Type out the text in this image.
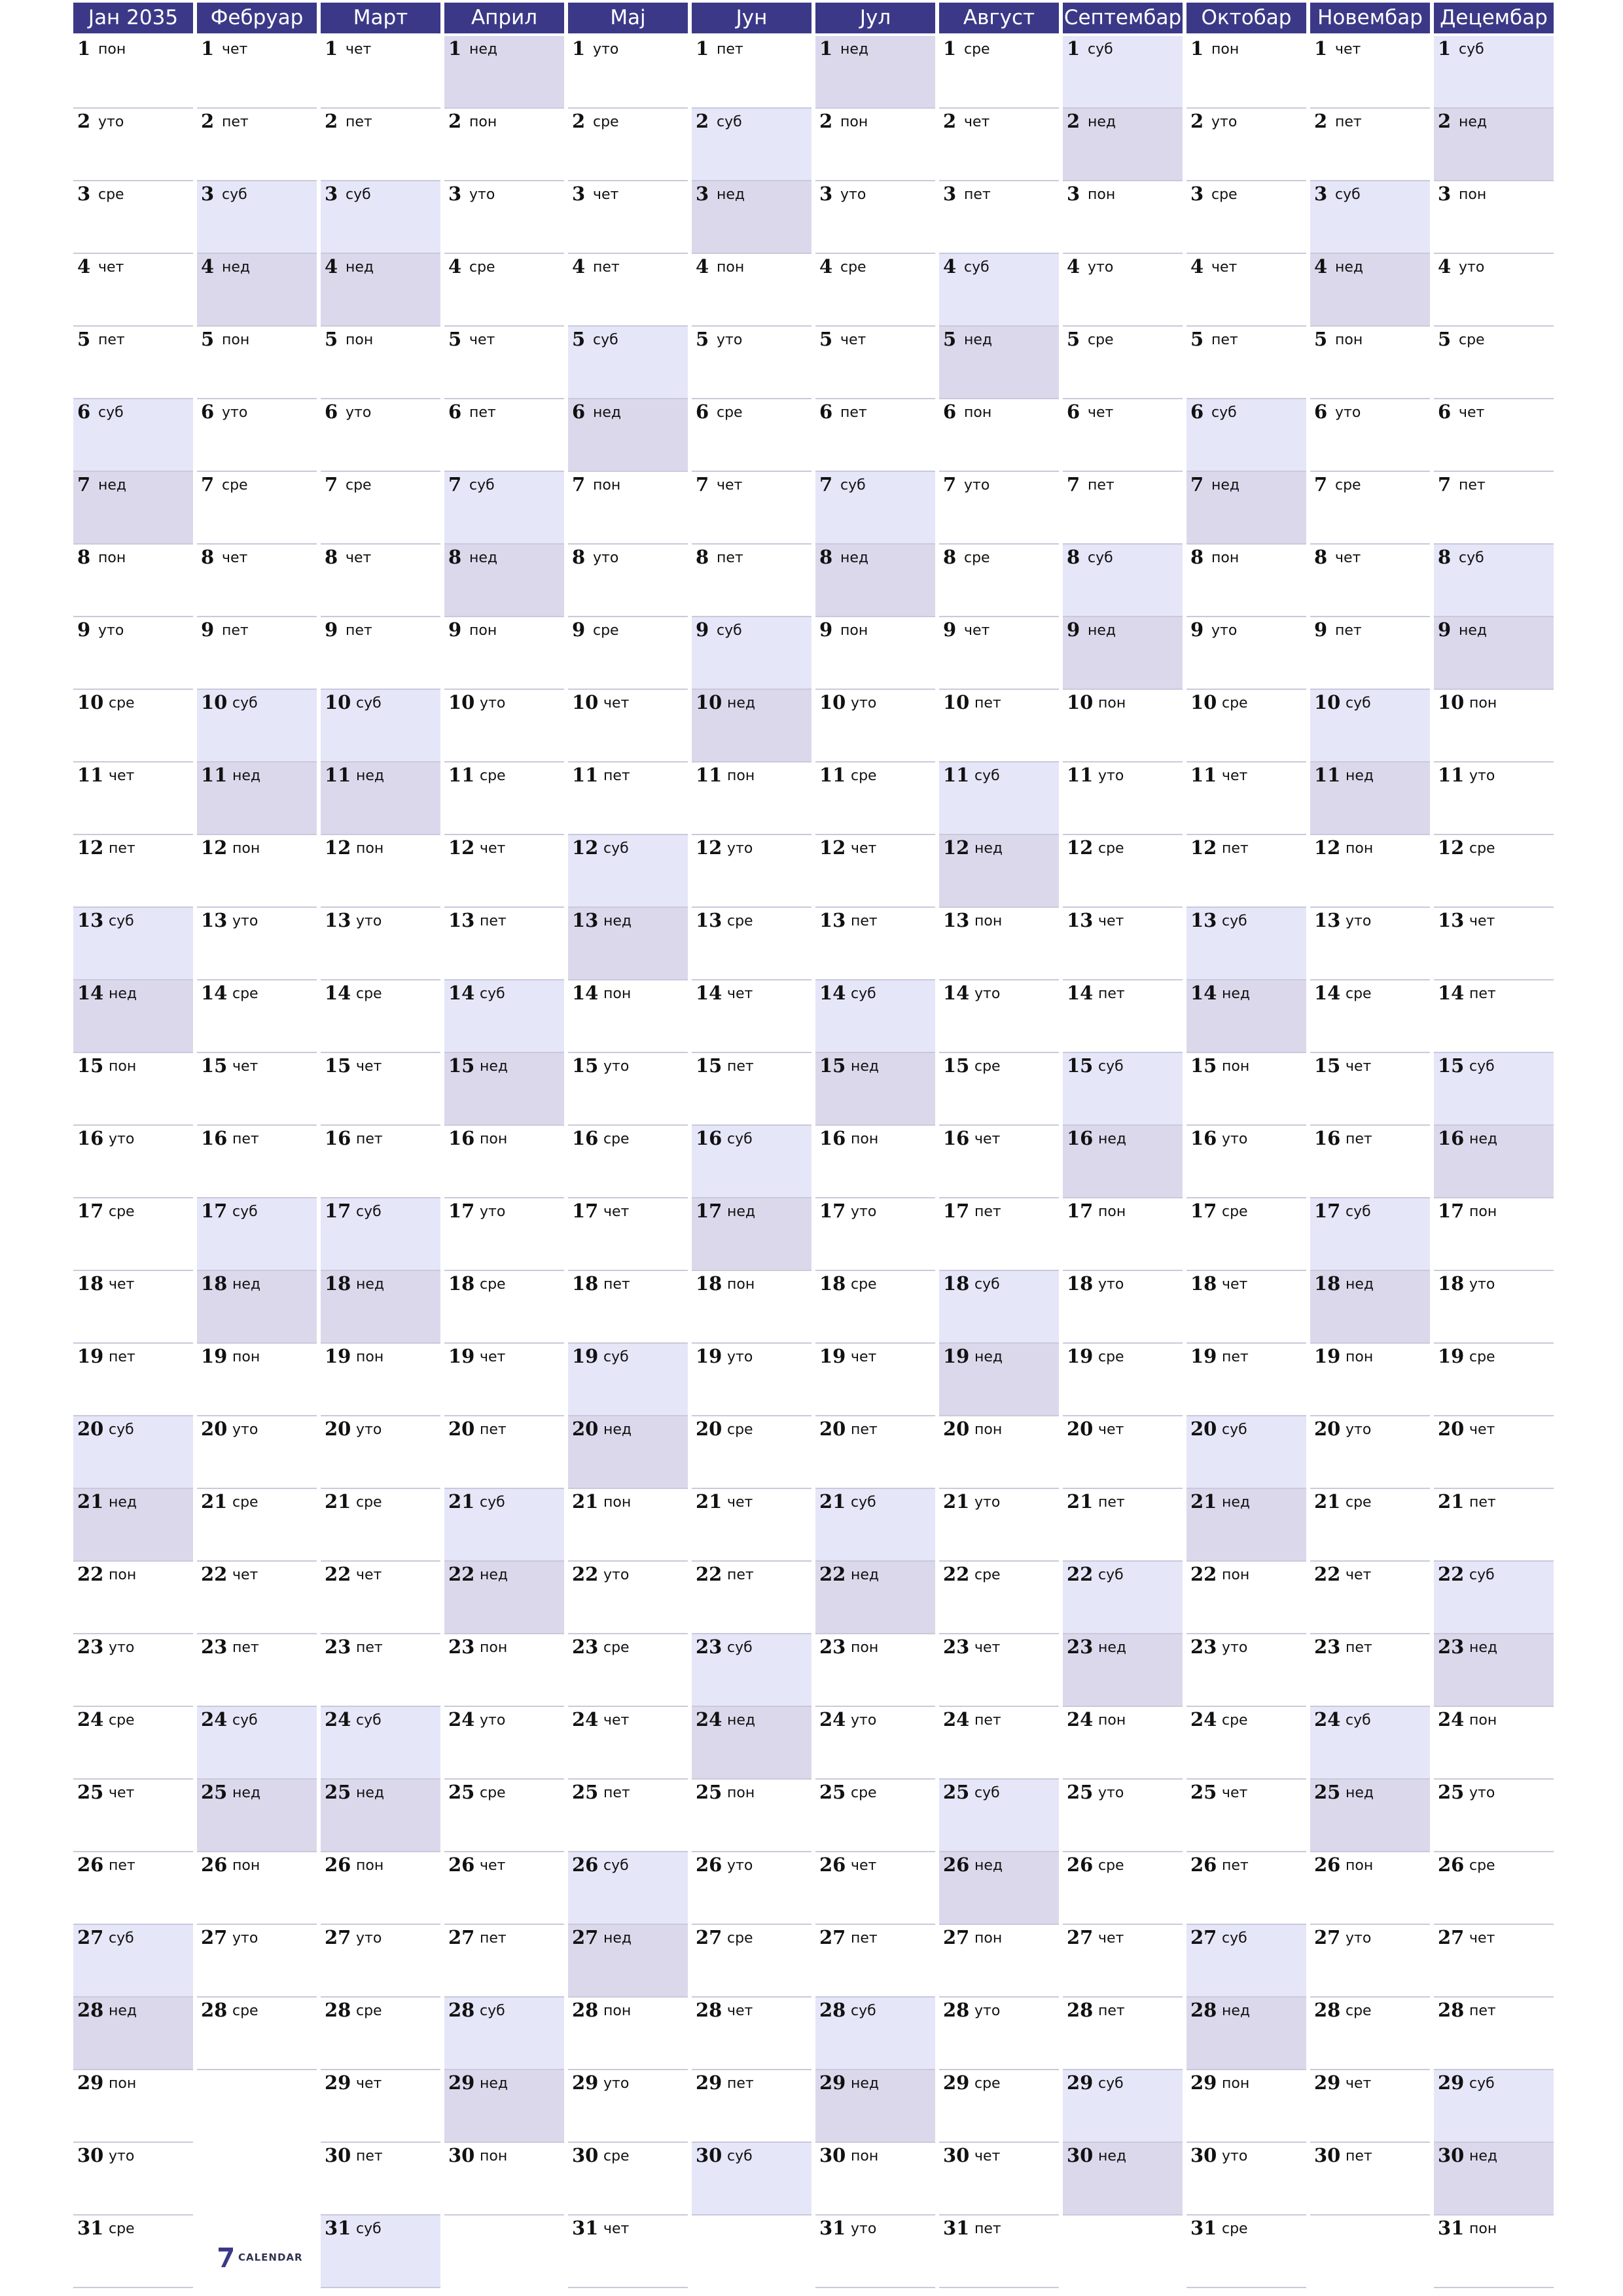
Јан 2035
1 пон
2 уто
3 сре
4 чет
5 пет
6 суб
7 нед
8 пон
9 уто
10 сре
11 чет
12 пет
13 суб
14 нед
15 пон
16 уто
17 сре
18 чет
19 пет
20 суб
21 нед
22 пон
23 уто
24 сре
25 чет
26 пет
27 суб
28 нед
29 пон
30 уто
31 сре
Фебруар
1 чет
2 пет
3 суб
4 нед
5 пон
6 уто
7 сре
8 чет
9 пет
10 суб
11 нед
12 пон
13 уто
14 сре
15 чет
16 пет
17 суб
18 нед
19 пон
20 уто
21 сре
22 чет
23 пет
24 суб
25 нед
26 пон
27 уто
28 сре
Март
1 чет
2 пет
3 суб
4 нед
5 пон
6 уто
7 сре
8 чет
9 пет
10 суб
11 нед
12 пон
13 уто
14 сре
15 чет
16 пет
17 суб
18 нед
19 пон
20 уто
21 сре
22 чет
23 пет
24 суб
25 нед
26 пон
27 уто
28 сре
29 чет
30 пет
31 суб
Април
1 нед
2 пон
3 уто
4 сре
5 чет
6 пет
7 суб
8 нед
9 пон
10 уто
11 сре
12 чет
13 пет
14 суб
15 нед
16 пон
17 уто
18 сре
19 чет
20 пет
21 суб
22 нед
23 пон
24 уто
25 сре
26 чет
27 пет
28 суб
29 нед
30 пон
Мај
1 уто
2 сре
3 чет
4 пет
5 суб
6 нед
7 пон
8 уто
9 сре
10 чет
11 пет
12 суб
13 нед
14 пон
15 уто
16 сре
17 чет
18 пет
19 суб
20 нед
21 пон
22 уто
23 сре
24 чет
25 пет
26 суб
27 нед
28 пон
29 уто
30 сре
31 чет
Јун
1 пет
2 суб
3 нед
4 пон
5 уто
6 сре
7 чет
8 пет
9 суб
10 нед
11 пон
12 уто
13 сре
14 чет
15 пет
16 суб
17 нед
18 пон
19 уто
20 сре
21 чет
22 пет
23 суб
24 нед
25 пон
26 уто
27 сре
28 чет
29 пет
30 суб
Јул
1 нед
2 пон
3 уто
4 сре
5 чет
6 пет
7 суб
8 нед
9 пон
10 уто
11 сре
12 чет
13 пет
14 суб
15 нед
16 пон
17 уто
18 сре
19 чет
20 пет
21 суб
22 нед
23 пон
24 уто
25 сре
26 чет
27 пет
28 суб
29 нед
30 пон
31 уто
Август
1 сре
2 чет
3 пет
4 суб
5 нед
6 пон
7 уто
8 сре
9 чет
10 пет
11 суб
12 нед
13 пон
14 уто
15 сре
16 чет
17 пет
18 суб
19 нед
20 пон
21 уто
22 сре
23 чет
24 пет
25 суб
26 нед
27 пон
28 уто
29 сре
30 чет
31 пет
Септембар
1 суб
2 нед
3 пон
4 уто
5 сре
6 чет
7 пет
8 суб
9 нед
10 пон
11 уто
12 сре
13 чет
14 пет
15 суб
16 нед
17 пон
18 уто
19 сре
20 чет
21 пет
22 суб
23 нед
24 пон
25 уто
26 сре
27 чет
28 пет
29 суб
30 нед
Октобар
1 пон
2 уто
3 сре
4 чет
5 пет
6 суб
7 нед
8 пон
9 уто
10 сре
11 чет
12 пет
13 суб
14 нед
15 пон
16 уто
17 сре
18 чет
19 пет
20 суб
21 нед
22 пон
23 уто
24 сре
25 чет
26 пет
27 суб
28 нед
29 пон
30 уто
31 сре
Новембар
1 чет
2 пет
3 суб
4 нед
5 пон
6 уто
7 сре
8 чет
9 пет
10 суб
11 нед
12 пон
13 уто
14 сре
15 чет
16 пет
17 суб
18 нед
19 пон
20 уто
21 сре
22 чет
23 пет
24 суб
25 нед
26 пон
27 уто
28 сре
29 чет
30 пет
Децембар
1 суб
2 нед
3 пон
4 уто
5 сре
6 чет
7 пет
8 суб
9 нед
10 пон
11 уто
12 сре
13 чет
14 пет
15 суб
16 нед
17 пон
18 уто
19 сре
20 чет
21 пет
22 суб
23 нед
24 пон
25 уто
26 сре
27 чет
28 пет
29 суб
30 нед
31 пон
CALENDAR
